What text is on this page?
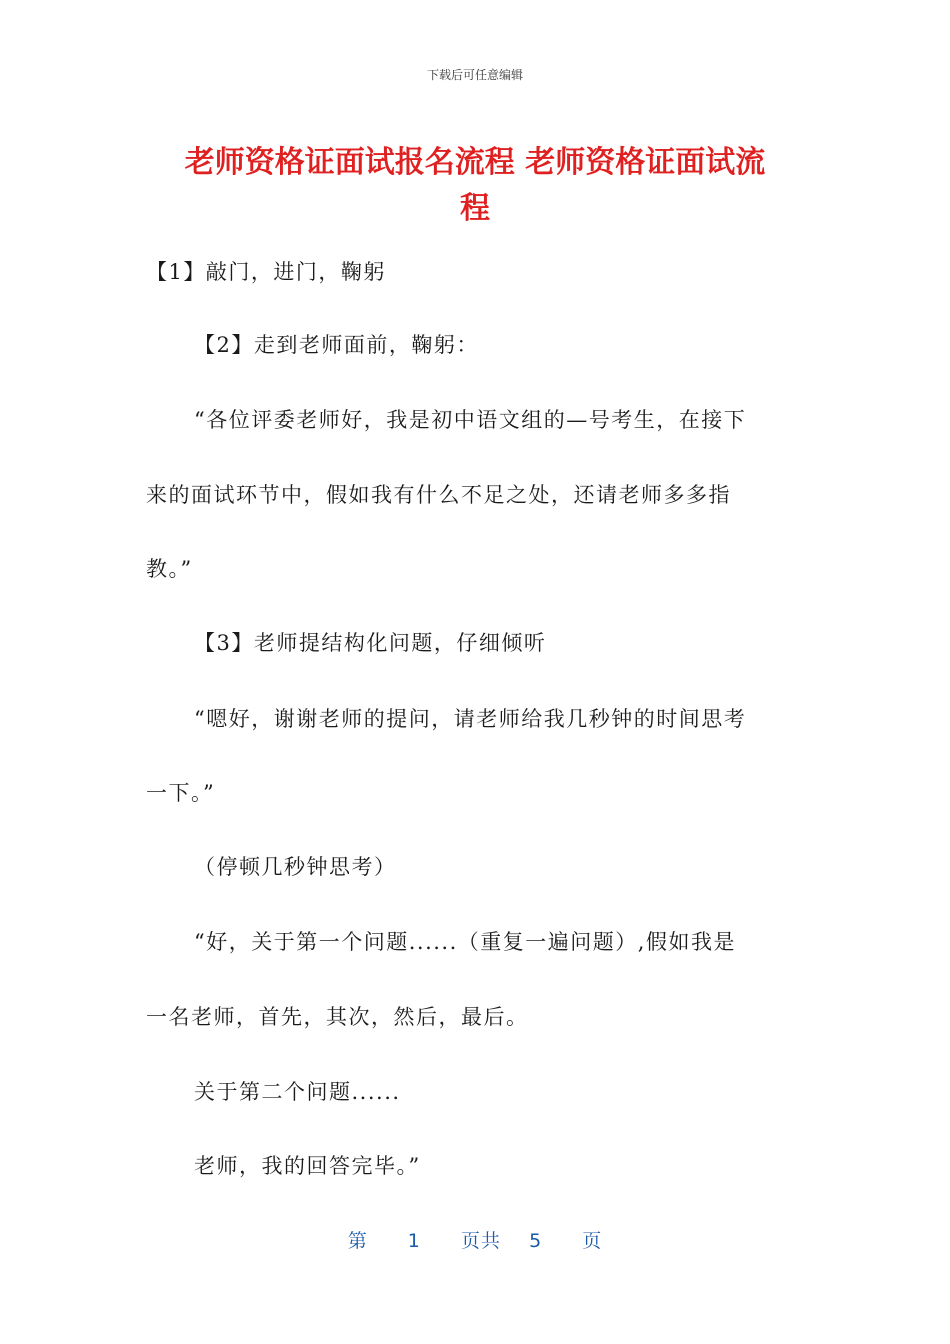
下载后可任意编辑
老师资格证面试报名流程 老师资格证面试流
程
【1】敲门，进门，鞠躬
【2】走到老师面前，鞠躬：
“各位评委老师好，我是初中语文组的—号考生，在接下
来的面试环节中，假如我有什么不足之处，还请老师多多指
教。”
【3】老师提结构化问题，仔细倾听
“嗯好，谢谢老师的提问，请老师给我几秒钟的时间思考
一下。”
（停顿几秒钟思考）
“好，关于第一个问题......（重复一遍问题）,假如我是
一名老师，首先，其次，然后，最后。
关于第二个问题......
老师，我的回答完毕。”
第 1 页共 5 页
